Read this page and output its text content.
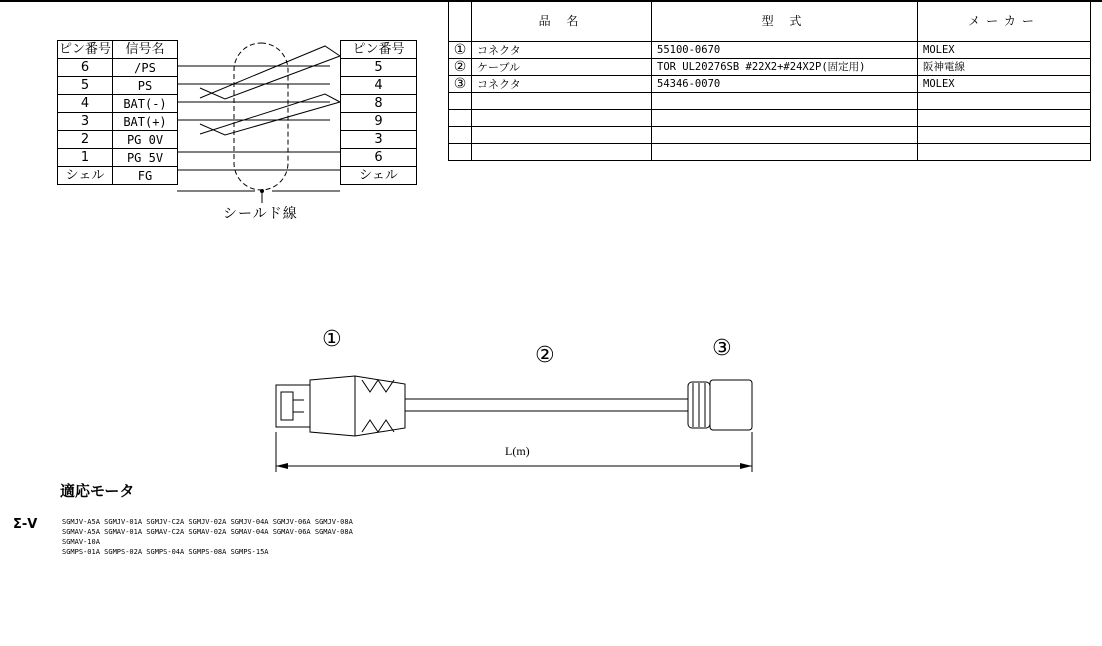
ピン番号	信号名
6	/PS
5	PS
4	BAT(-)
3	BAT(+)
2	PG 0V
1	PG 5V
シェル	FG
ピン番号
5
4
8
9
3
6
シェル
シールド線
	品 名	型 式	メーカー
①	コネクタ	55100-0670	MOLEX
②	ケーブル	TOR UL20276SB #22X2+#24X2P(固定用)	阪神電線
③	コネクタ	54346-0070	MOLEX

①
②	③
L(m)
適応モータ
Σ-V	SGMJV-A5A SGMJV-01A SGMJV-C2A SGMJV-02A SGMJV-04A SGMJV-06A SGMJV-08A
SGMAV-A5A SGMAV-01A SGMAV-C2A SGMAV-02A SGMAV-04A SGMAV-06A SGMAV-08A
SGMAV-10A
SGMPS-01A SGMPS-02A SGMPS-04A SGMPS-08A SGMPS-15A
